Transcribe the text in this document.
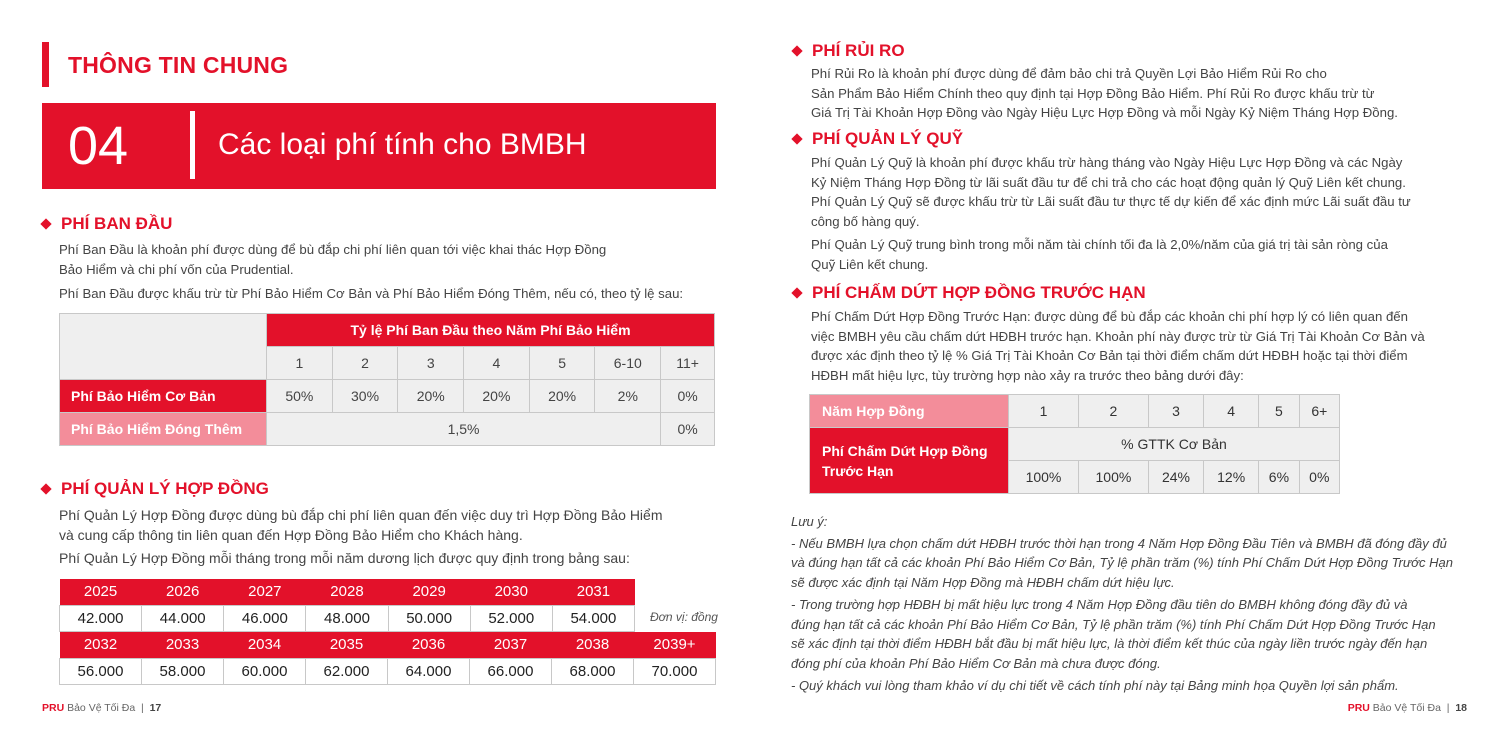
THÔNG TIN CHUNG
04	Các loại phí tính cho BMBH
PHÍ BAN ĐẦU
Phí Ban Đầu là khoản phí được dùng để bù đắp chi phí liên quan tới việc khai thác Hợp Đồng
Bảo Hiểm và chi phí vốn của Prudential.
Phí Ban Đầu được khấu trừ từ Phí Bảo Hiểm Cơ Bản và Phí Bảo Hiểm Đóng Thêm, nếu có, theo tỷ lệ sau:
	Tỷ lệ Phí Ban Đầu theo Năm Phí Bảo Hiểm						
	1	2	3	4	5	6-10	11+
Phí Bảo Hiểm Cơ Bản	50%	30%	20%	20%	20%	2%	0%
Phí Bảo Hiểm Đóng Thêm	1,5%						0%
PHÍ QUẢN LÝ HỢP ĐỒNG
Phí Quản Lý Hợp Đồng được dùng bù đắp chi phí liên quan đến việc duy trì Hợp Đồng Bảo Hiểm
và cung cấp thông tin liên quan đến Hợp Đồng Bảo Hiểm cho Khách hàng.
Phí Quản Lý Hợp Đồng mỗi tháng trong mỗi năm dương lịch được quy định trong bảng sau:
2025	2026	2027	2028	2029	2030	2031
42.000	44.000	46.000	48.000	50.000	52.000	54.000	Đơn vị: đồng
2032	2033	2034	2035	2036	2037	2038	2039+
56.000	58.000	60.000	62.000	64.000	66.000	68.000	70.000
PRU Bảo Vệ Tối Đa  |  17
PHÍ RỦI RO
Phí Rủi Ro là khoản phí được dùng để đảm bảo chi trả Quyền Lợi Bảo Hiểm Rủi Ro cho
Sản Phẩm Bảo Hiểm Chính theo quy định tại Hợp Đồng Bảo Hiểm. Phí Rủi Ro được khấu trừ từ
Giá Trị Tài Khoản Hợp Đồng vào Ngày Hiệu Lực Hợp Đồng và mỗi Ngày Kỷ Niệm Tháng Hợp Đồng.
PHÍ QUẢN LÝ QUỸ
Phí Quản Lý Quỹ là khoản phí được khấu trừ hàng tháng vào Ngày Hiệu Lực Hợp Đồng và các Ngày
Kỷ Niệm Tháng Hợp Đồng từ lãi suất đầu tư để chi trả cho các hoạt động quản lý Quỹ Liên kết chung.
Phí Quản Lý Quỹ sẽ được khấu trừ từ Lãi suất đầu tư thực tế dự kiến để xác định mức Lãi suất đầu tư
công bố hàng quý.
Phí Quản Lý Quỹ trung bình trong mỗi năm tài chính tối đa là 2,0%/năm của giá trị tài sản ròng của
Quỹ Liên kết chung.
PHÍ CHẤM DỨT HỢP ĐỒNG TRƯỚC HẠN
Phí Chấm Dứt Hợp Đồng Trước Hạn: được dùng để bù đắp các khoản chi phí hợp lý có liên quan đến
việc BMBH yêu cầu chấm dứt HĐBH trước hạn. Khoản phí này được trừ từ Giá Trị Tài Khoản Cơ Bản và
được xác định theo tỷ lệ % Giá Trị Tài Khoản Cơ Bản tại thời điểm chấm dứt HĐBH hoặc tại thời điểm
HĐBH mất hiệu lực, tùy trường hợp nào xảy ra trước theo bảng dưới đây:
Năm Hợp Đồng	1	2	3	4	5	6+

Phí Chấm Dứt Hợp Đồng
Trước Hạn	% GTTK Cơ Bản					
	100%	100%	24%	12%	6%	0%
Lưu ý:
- Nếu BMBH lựa chọn chấm dứt HĐBH trước thời hạn trong 4 Năm Hợp Đồng Đầu Tiên và BMBH đã đóng đầy đủ
và đúng hạn tất cả các khoản Phí Bảo Hiểm Cơ Bản, Tỷ lệ phần trăm (%) tính Phí Chấm Dứt Hợp Đồng Trước Hạn
sẽ được xác định tại Năm Hợp Đồng mà HĐBH chấm dứt hiệu lực.
- Trong trường hợp HĐBH bị mất hiệu lực trong 4 Năm Hợp Đồng đầu tiên do BMBH không đóng đầy đủ và
đúng hạn tất cả các khoản Phí Bảo Hiểm Cơ Bản, Tỷ lệ phần trăm (%) tính Phí Chấm Dứt Hợp Đồng Trước Hạn
sẽ xác định tại thời điểm HĐBH bắt đầu bị mất hiệu lực, là thời điểm kết thúc của ngày liền trước ngày đến hạn
đóng phí của khoản Phí Bảo Hiểm Cơ Bản mà chưa được đóng.
- Quý khách vui lòng tham khảo ví dụ chi tiết về cách tính phí này tại Bảng minh họa Quyền lợi sản phẩm.
PRU Bảo Vệ Tối Đa  |  18
